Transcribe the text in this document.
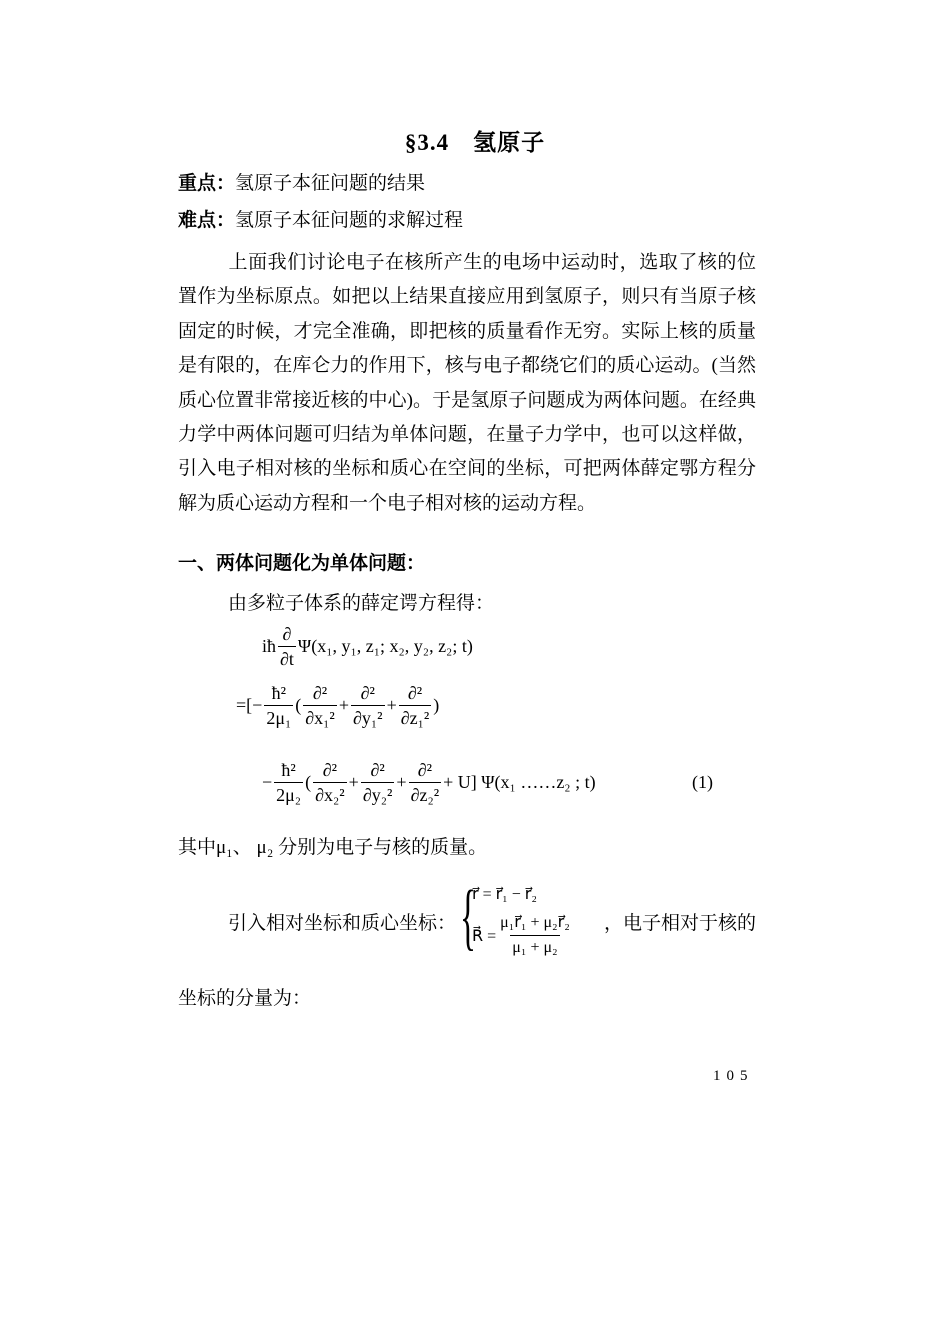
§3.4　氢原子
重点：氢原子本征问题的结果
难点：氢原子本征问题的求解过程
上面我们讨论电子在核所产生的电场中运动时，选取了核的位置作为坐标原点。如把以上结果直接应用到氢原子，则只有当原子核固定的时候，才完全准确，即把核的质量看作无穷。实际上核的质量是有限的，在库仑力的作用下，核与电子都绕它们的质心运动。(当然质心位置非常接近核的中心)。于是氢原子问题成为两体问题。在经典力学中两体问题可归结为单体问题，在量子力学中，也可以这样做，引入电子相对核的坐标和质心在空间的坐标，可把两体薛定鄂方程分解为质心运动方程和一个电子相对核的运动方程。
一、两体问题化为单体问题：
由多粒子体系的薛定谔方程得：
iħ $\frac{\partial}{\partial t} \Psi(x_1$, y₁, z₁; x₂, y₂, z₂; t)
= [− $\frac{\text{ħ²}}{\text{2μ₁}}$ ( $\frac{\text{∂²}}{\text{∂x₁²}} + \frac{\text{∂²}}{\text{∂y₁²}} + \frac{\text{∂²}}{\text{∂z₁²}}$ )
− $\frac{\text{ħ²}}{\text{2μ₂}}$ ( $\frac{\text{∂²}}{\text{∂x₂²}} + \frac{\text{∂²}}{\text{∂y₂²}} + \frac{\text{∂²}}{\text{∂z₂²}} + U$] Ψ(x₁ ……z₂ ; t)	(1)
其中μ₁、 μ₂ 分别为电子与核的质量。
引入相对坐标和质心坐标： {
r⃗ = r⃗₁ − r⃗₂
R⃗ = $\frac{\text{μ₁r⃗₁ + μ₂r⃗₂}}{\text{μ₁ + μ₂}}$ ，电子相对于核的
坐标的分量为：
105
